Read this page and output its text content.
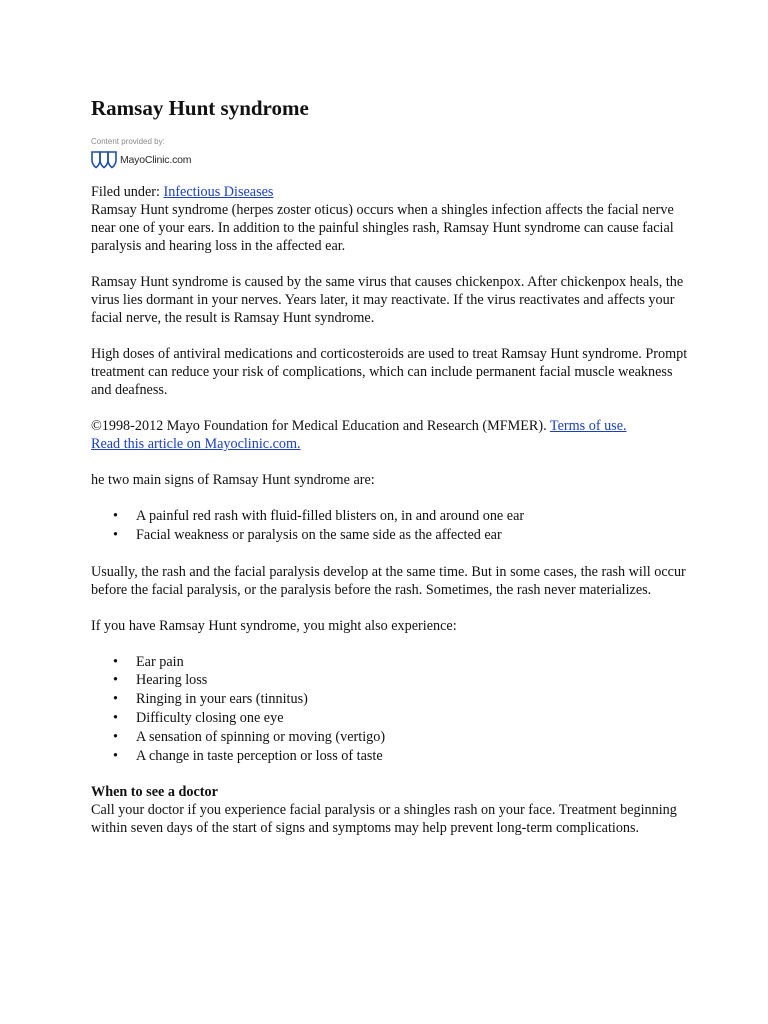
Ramsay Hunt syndrome
Content provided by:
MayoClinic.com
Filed under: Infectious Diseases

Ramsay Hunt syndrome (herpes zoster oticus) occurs when a shingles infection affects the facial nerve near one of your ears. In addition to the painful shingles rash, Ramsay Hunt syndrome can cause facial paralysis and hearing loss in the affected ear.

Ramsay Hunt syndrome is caused by the same virus that causes chickenpox. After chickenpox heals, the virus lies dormant in your nerves. Years later, it may reactivate. If the virus reactivates and affects your facial nerve, the result is Ramsay Hunt syndrome.

High doses of antiviral medications and corticosteroids are used to treat Ramsay Hunt syndrome. Prompt treatment can reduce your risk of complications, which can include permanent facial muscle weakness and deafness.

©1998-2012 Mayo Foundation for Medical Education and Research (MFMER). Terms of use.
Read this article on Mayoclinic.com.

he two main signs of Ramsay Hunt syndrome are:

• A painful red rash with fluid-filled blisters on, in and around one ear
• Facial weakness or paralysis on the same side as the affected ear

Usually, the rash and the facial paralysis develop at the same time. But in some cases, the rash will occur before the facial paralysis, or the paralysis before the rash. Sometimes, the rash never materializes.

If you have Ramsay Hunt syndrome, you might also experience:

• Ear pain
• Hearing loss
• Ringing in your ears (tinnitus)
• Difficulty closing one eye
• A sensation of spinning or moving (vertigo)
• A change in taste perception or loss of taste

When to see a doctor

Call your doctor if you experience facial paralysis or a shingles rash on your face. Treatment beginning within seven days of the start of signs and symptoms may help prevent long-term complications.
